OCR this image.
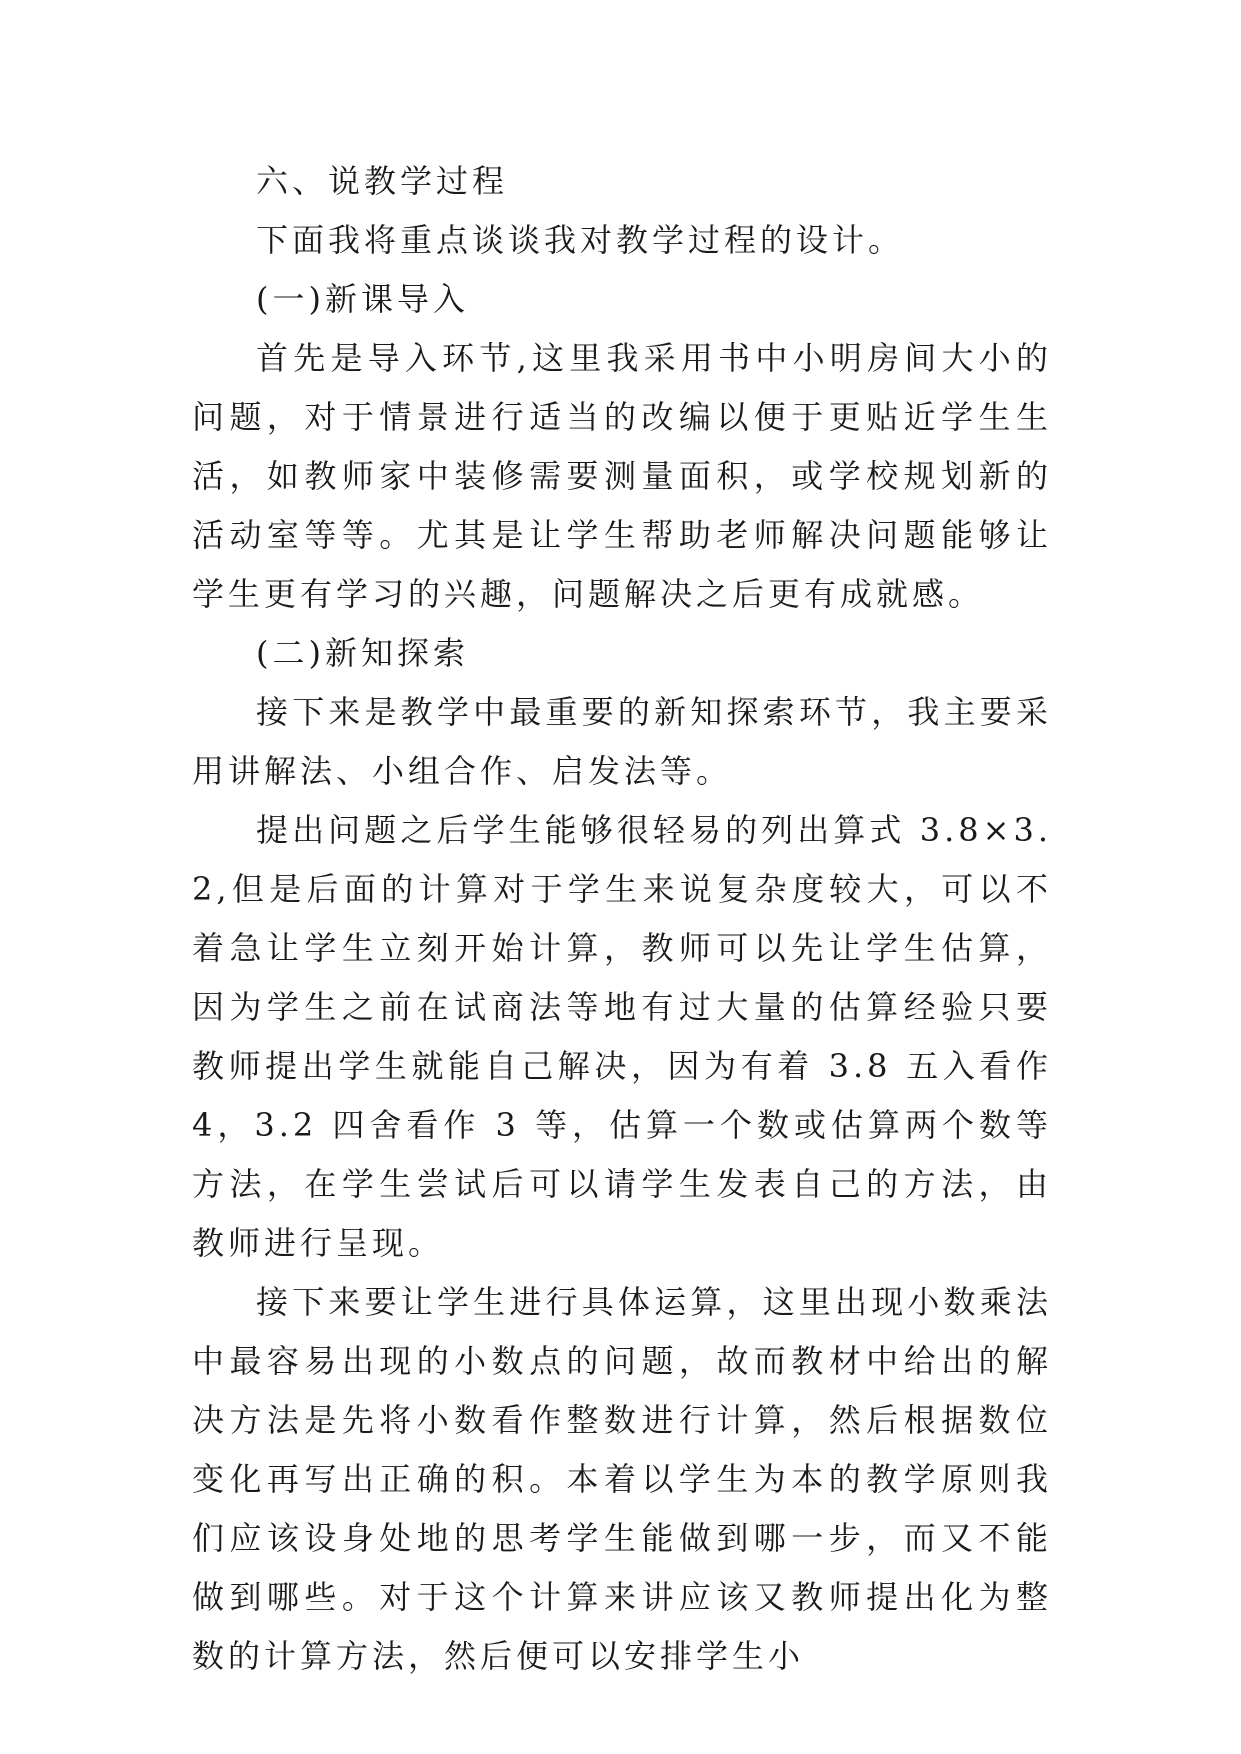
六、说教学过程

下面我将重点谈谈我对教学过程的设计。

(一)新课导入

首先是导入环节,这里我采用书中小明房间大小的问题，对于情景进行适当的改编以便于更贴近学生生活，如教师家中装修需要测量面积，或学校规划新的活动室等等。尤其是让学生帮助老师解决问题能够让学生更有学习的兴趣，问题解决之后更有成就感。

(二)新知探索

接下来是教学中最重要的新知探索环节，我主要采用讲解法、小组合作、启发法等。

提出问题之后学生能够很轻易的列出算式 3.8×3.2,但是后面的计算对于学生来说复杂度较大，可以不着急让学生立刻开始计算，教师可以先让学生估算，因为学生之前在试商法等地有过大量的估算经验只要教师提出学生就能自己解决，因为有着 3.8 五入看作 4，3.2 四舍看作 3 等，估算一个数或估算两个数等方法，在学生尝试后可以请学生发表自己的方法，由教师进行呈现。

接下来要让学生进行具体运算，这里出现小数乘法中最容易出现的小数点的问题，故而教材中给出的解决方法是先将小数看作整数进行计算，然后根据数位变化再写出正确的积。本着以学生为本的教学原则我们应该设身处地的思考学生能做到哪一步，而又不能做到哪些。对于这个计算来讲应该又教师提出化为整数的计算方法，然后便可以安排学生小
